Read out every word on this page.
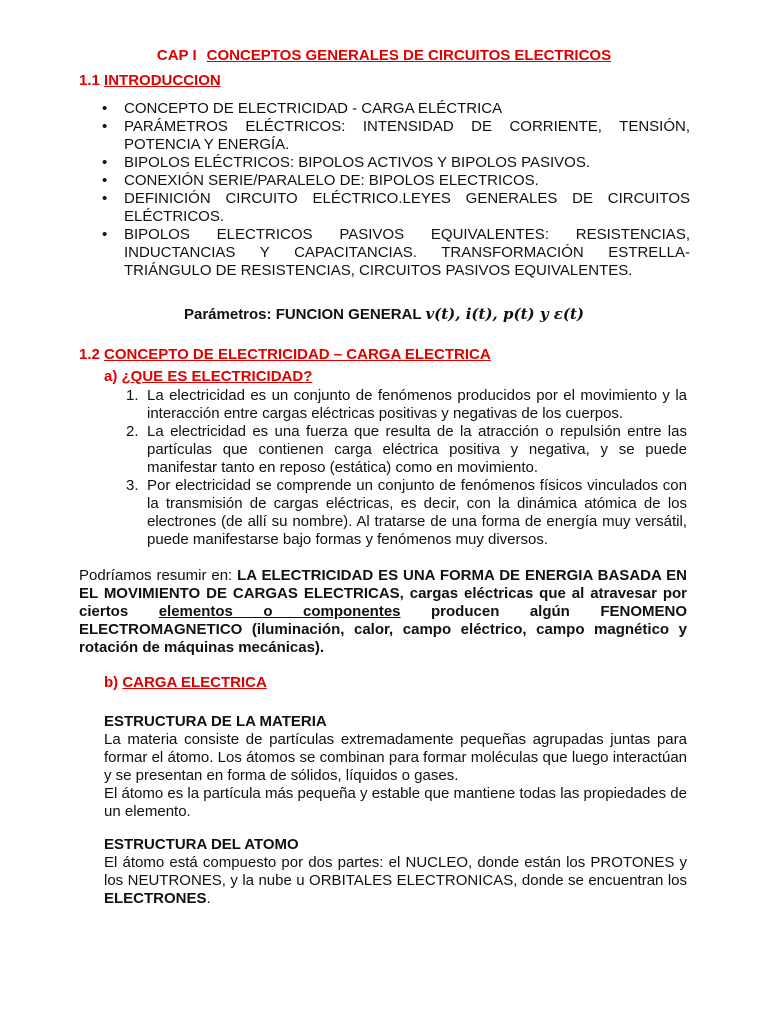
CAP I CONCEPTOS GENERALES DE CIRCUITOS ELECTRICOS
1.1 INTRODUCCION
• CONCEPTO DE ELECTRICIDAD - CARGA ELÉCTRICA
• PARÁMETROS ELÉCTRICOS: INTENSIDAD DE CORRIENTE, TENSIÓN, POTENCIA Y ENERGÍA.
• BIPOLOS ELÉCTRICOS: BIPOLOS ACTIVOS Y BIPOLOS PASIVOS.
• CONEXIÓN SERIE/PARALELO DE: BIPOLOS ELECTRICOS.
• DEFINICIÓN CIRCUITO ELÉCTRICO.LEYES GENERALES DE CIRCUITOS ELÉCTRICOS.
• BIPOLOS ELECTRICOS PASIVOS EQUIVALENTES: RESISTENCIAS, INDUCTANCIAS Y CAPACITANCIAS. TRANSFORMACIÓN ESTRELLA-TRIÁNGULO DE RESISTENCIAS, CIRCUITOS PASIVOS EQUIVALENTES.
Parámetros: FUNCION GENERAL v(t), i(t), p(t) y ε(t)
1.2 CONCEPTO DE ELECTRICIDAD – CARGA ELECTRICA
a) ¿QUE ES ELECTRICIDAD?
1. La electricidad es un conjunto de fenómenos producidos por el movimiento y la interacción entre cargas eléctricas positivas y negativas de los cuerpos.
2. La electricidad es una fuerza que resulta de la atracción o repulsión entre las partículas que contienen carga eléctrica positiva y negativa, y se puede manifestar tanto en reposo (estática) como en movimiento.
3. Por electricidad se comprende un conjunto de fenómenos físicos vinculados con la transmisión de cargas eléctricas, es decir, con la dinámica atómica de los electrones (de allí su nombre). Al tratarse de una forma de energía muy versátil, puede manifestarse bajo formas y fenómenos muy diversos.
Podríamos resumir en: LA ELECTRICIDAD ES UNA FORMA DE ENERGIA BASADA EN EL MOVIMIENTO DE CARGAS ELECTRICAS, cargas eléctricas que al atravesar por ciertos elementos o componentes producen algún FENOMENO ELECTROMAGNETICO (iluminación, calor, campo eléctrico, campo magnético y rotación de máquinas mecánicas).
b) CARGA ELECTRICA
ESTRUCTURA DE LA MATERIA

La materia consiste de partículas extremadamente pequeñas agrupadas juntas para formar el átomo. Los átomos se combinan para formar moléculas que luego interactúan y se presentan en forma de sólidos, líquidos o gases.

El átomo es la partícula más pequeña y estable que mantiene todas las propiedades de un elemento.

ESTRUCTURA DEL ATOMO

El átomo está compuesto por dos partes: el NUCLEO, donde están los PROTONES y los NEUTRONES, y la nube u ORBITALES ELECTRONICAS, donde se encuentran los ELECTRONES.
